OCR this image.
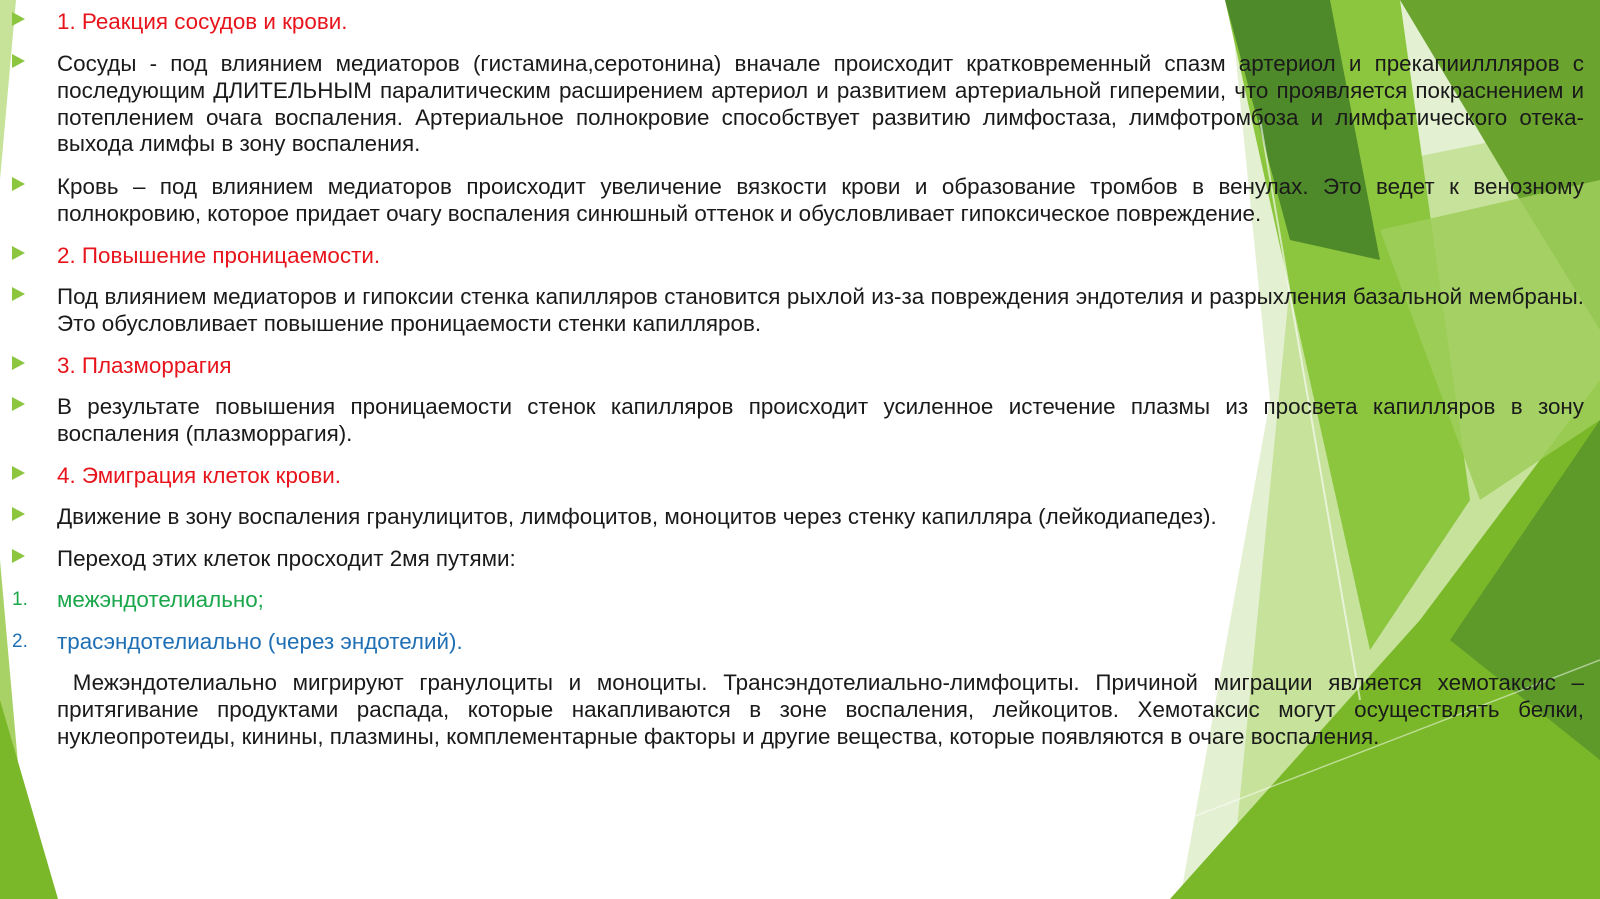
1. Реакция сосудов и крови.
Сосуды - под влиянием медиаторов (гистамина,серотонина) вначале происходит кратковременный спазм артериол и прекапииллляров с последующим ДЛИТЕЛЬНЫМ паралитическим расширением артериол и развитием артериальной гиперемии, что проявляется покраснением и потеплением очага воспаления. Артериальное полнокровие способствует развитию лимфостаза, лимфотромбоза и лимфатического отека- выхода лимфы в зону воспаления.
Кровь – под влиянием медиаторов происходит увеличение вязкости крови и образование тромбов в венулах. Это ведет к венозному полнокровию, которое придает очагу воспаления синюшный оттенок и обусловливает гипоксическое повреждение.
2. Повышение проницаемости.
Под влиянием медиаторов и гипоксии стенка капилляров становится рыхлой из-за повреждения эндотелия и разрыхления базальной мембраны. Это обусловливает повышение проницаемости стенки капилляров.
3. Плазморрагия
В результате повышения проницаемости стенок капилляров происходит усиленное истечение плазмы из просвета капилляров в зону воспаления (плазморрагия).
4. Эмиграция клеток крови.
Движение в зону воспаления гранулицитов, лимфоцитов, моноцитов через стенку капилляра (лейкодиапедез).
Переход этих клеток просходит 2мя путями:
1. межэндотелиально;
2. трасэндотелиально (через эндотелий).
Межэндотелиально мигрируют гранулоциты и моноциты. Трансэндотелиально-лимфоциты. Причиной миграции является хемотаксис – притягивание продуктами распада, которые накапливаются в зоне воспаления, лейкоцитов. Хемотаксис могут осуществлять белки, нуклеопротеиды, кинины, плазмины, комплементарные факторы и другие вещества, которые появляются в очаге воспаления.
